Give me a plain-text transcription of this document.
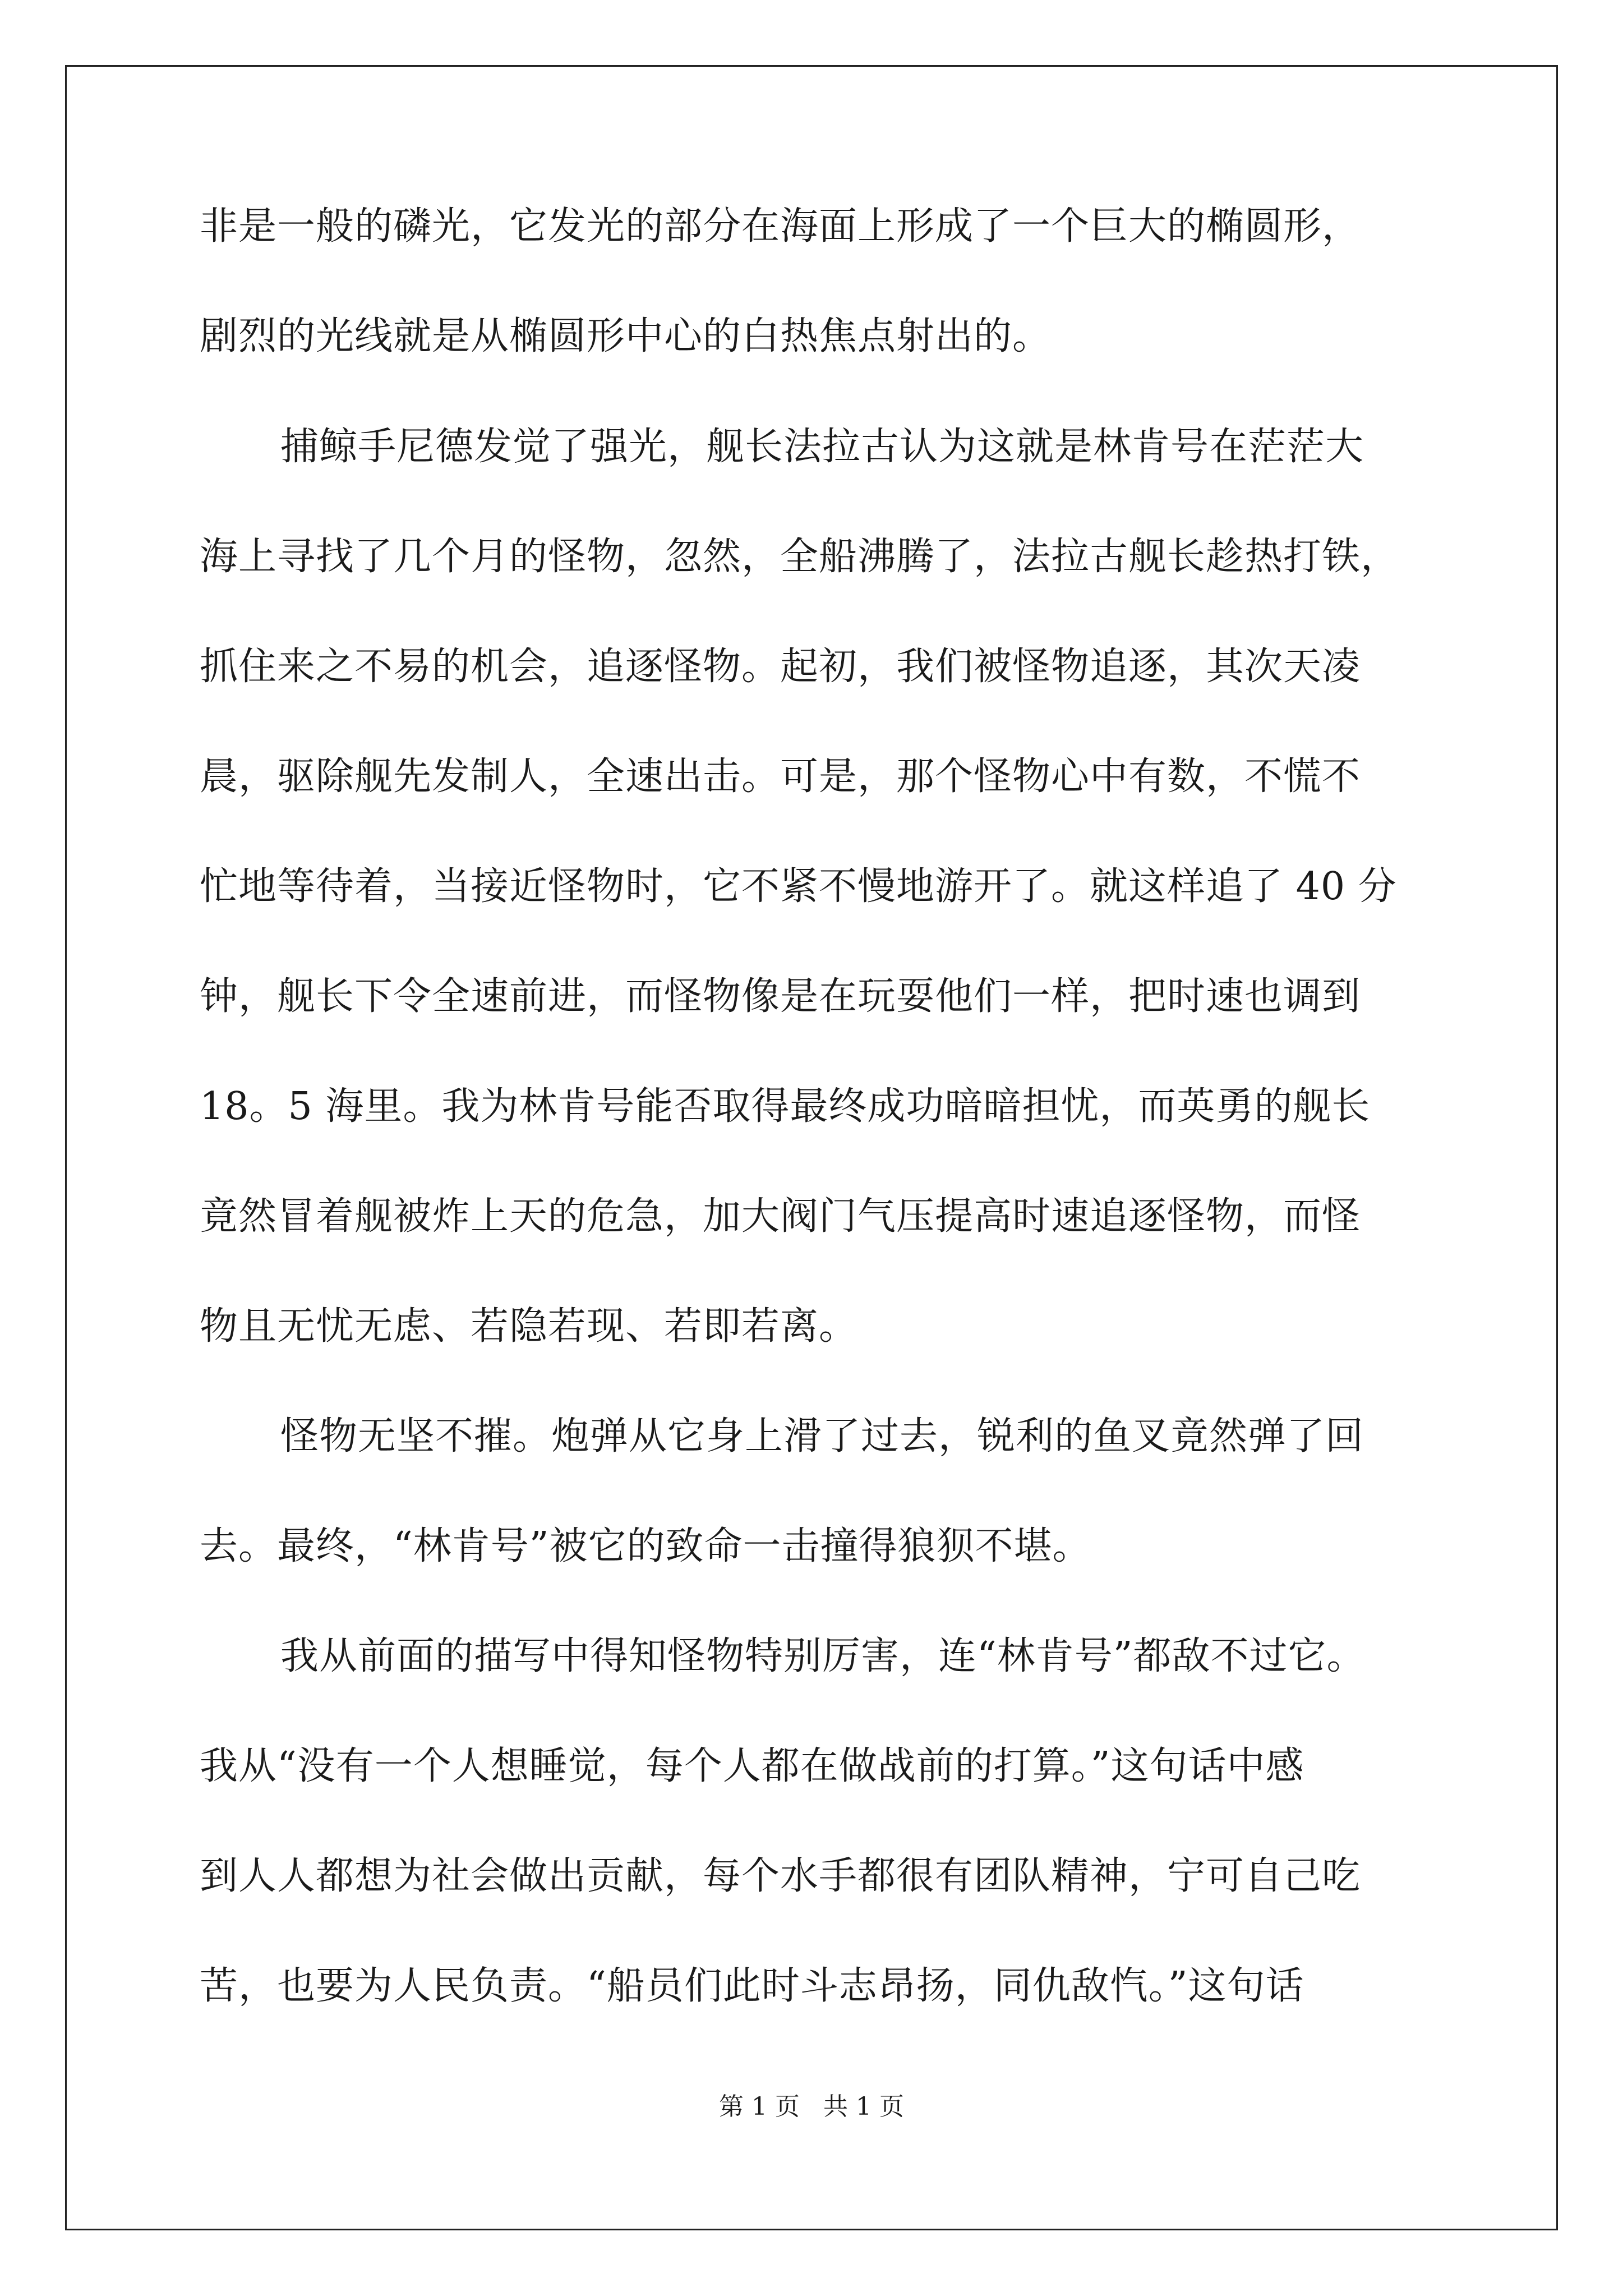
非是一般的磷光，它发光的部分在海面上形成了一个巨大的椭圆形，
剧烈的光线就是从椭圆形中心的白热焦点射出的。
捕鲸手尼德发觉了强光，舰长法拉古认为这就是林肯号在茫茫大
海上寻找了几个月的怪物，忽然，全船沸腾了，法拉古舰长趁热打铁，
抓住来之不易的机会，追逐怪物。起初，我们被怪物追逐，其次天凌
晨，驱除舰先发制人，全速出击。可是，那个怪物心中有数，不慌不
忙地等待着，当接近怪物时，它不紧不慢地游开了。就这样追了 40 分
钟，舰长下令全速前进，而怪物像是在玩耍他们一样，把时速也调到
18。5 海里。我为林肯号能否取得最终成功暗暗担忧，而英勇的舰长
竟然冒着舰被炸上天的危急，加大阀门气压提高时速追逐怪物，而怪
物且无忧无虑、若隐若现、若即若离。
怪物无坚不摧。炮弹从它身上滑了过去，锐利的鱼叉竟然弹了回
去。最终，“林肯号”被它的致命一击撞得狼狈不堪。
我从前面的描写中得知怪物特别厉害，连“林肯号”都敌不过它。
我从“没有一个人想睡觉，每个人都在做战前的打算。”这句话中感
到人人都想为社会做出贡献，每个水手都很有团队精神，宁可自己吃
苦，也要为人民负责。“船员们此时斗志昂扬，同仇敌忾。”这句话
第 1 页   共 1 页
